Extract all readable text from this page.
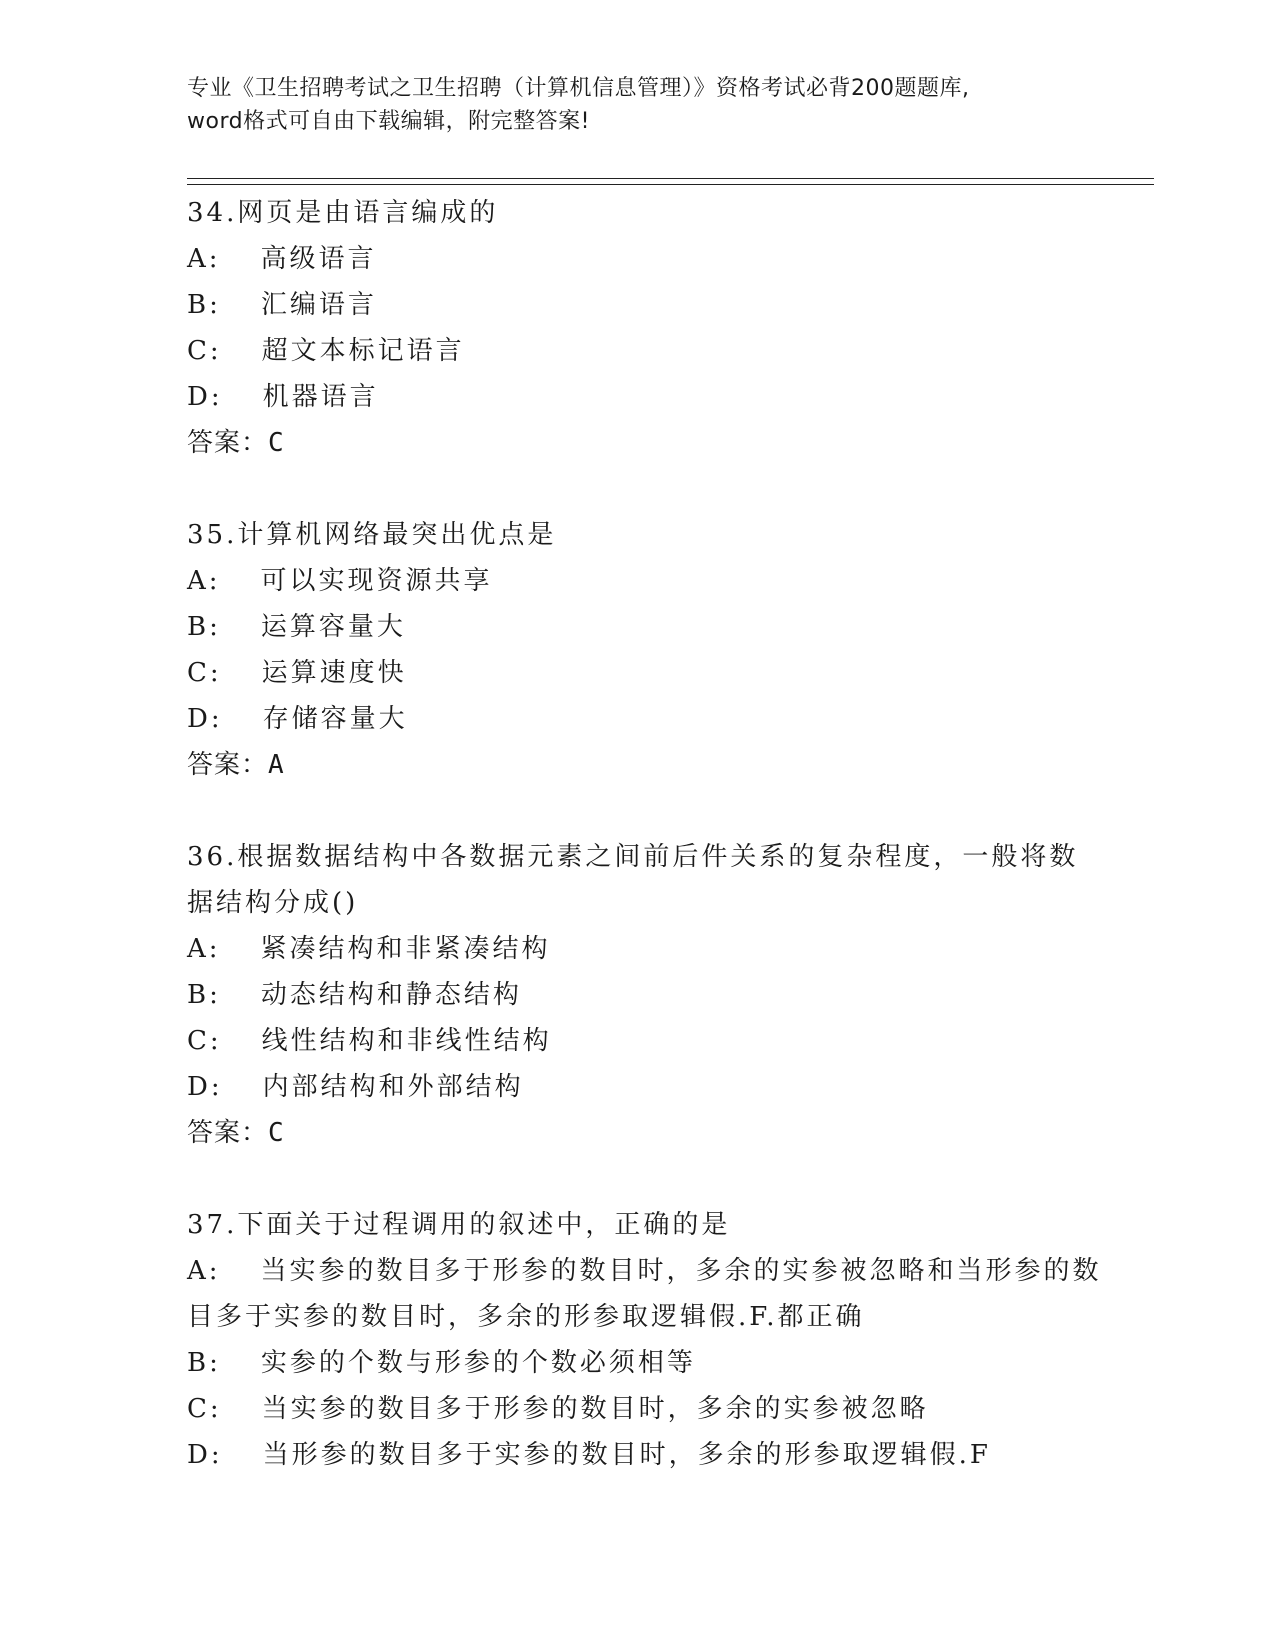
专业《卫生招聘考试之卫生招聘（计算机信息管理）》资格考试必背200题题库,
word格式可自由下载编辑，附完整答案!
34.网页是由语言编成的
A: 高级语言
B: 汇编语言
C: 超文本标记语言
D: 机器语言
答案：C
35.计算机网络最突出优点是
A: 可以实现资源共享
B: 运算容量大
C: 运算速度快
D: 存储容量大
答案：A
36.根据数据结构中各数据元素之间前后件关系的复杂程度，一般将数
据结构分成()
A: 紧凑结构和非紧凑结构
B: 动态结构和静态结构
C: 线性结构和非线性结构
D: 内部结构和外部结构
答案：C
37.下面关于过程调用的叙述中，正确的是
A: 当实参的数目多于形参的数目时，多余的实参被忽略和当形参的数
目多于实参的数目时，多余的形参取逻辑假.F.都正确
B: 实参的个数与形参的个数必须相等
C: 当实参的数目多于形参的数目时，多余的实参被忽略
D: 当形参的数目多于实参的数目时，多余的形参取逻辑假.F
